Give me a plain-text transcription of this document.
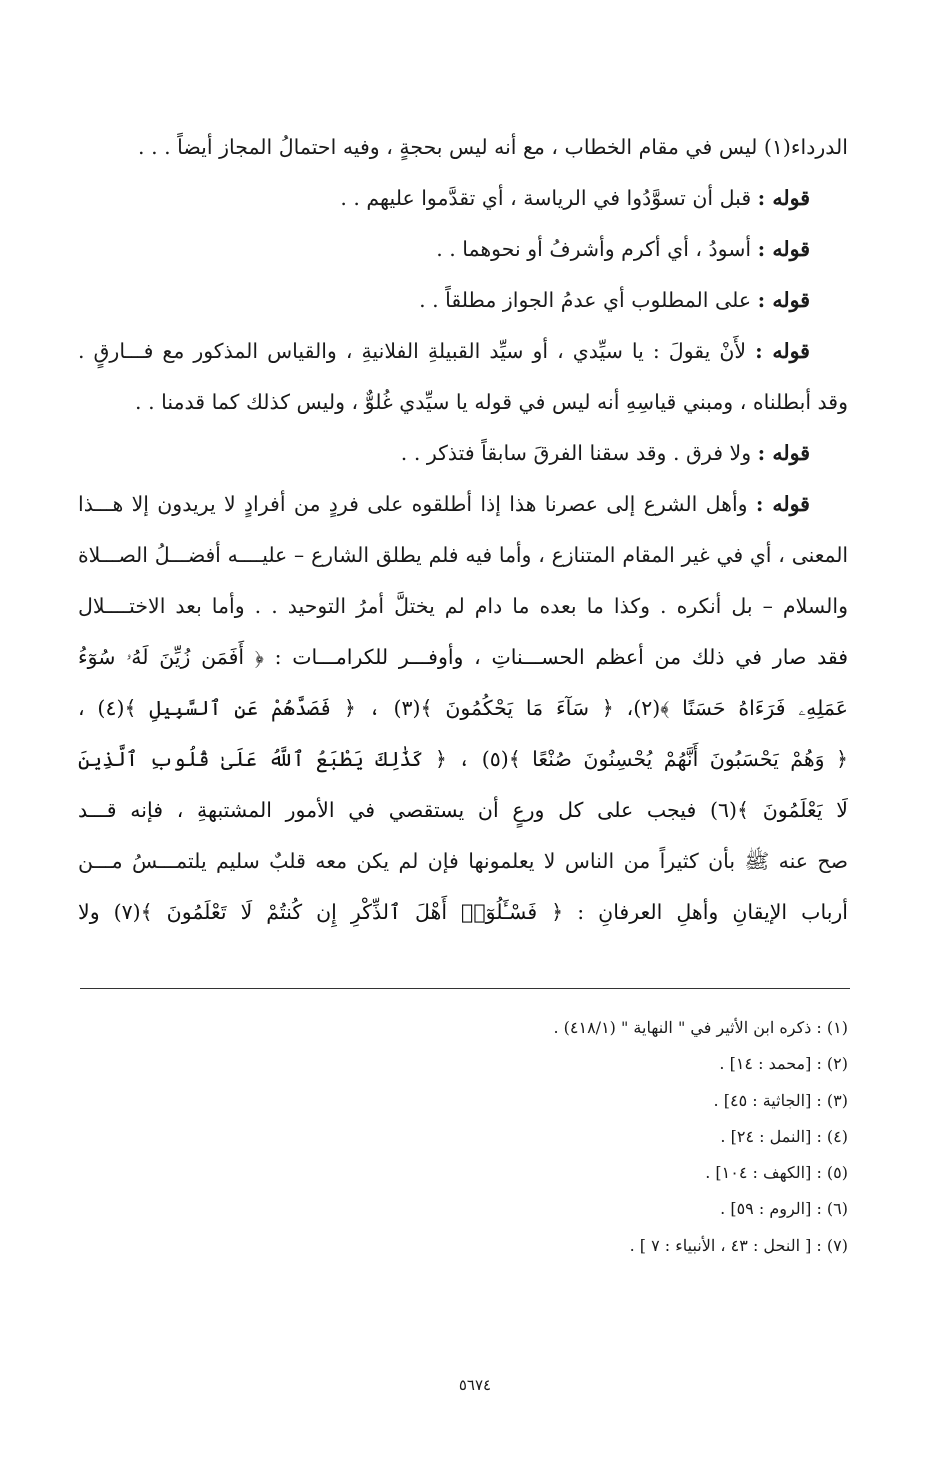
الدرداء(١) ليس في مقام الخطاب ، مع أنه ليس بحجةٍ ، وفيه احتمالُ المجاز أيضاً . . .
قوله : قبل أن تسوَّدُوا في الرياسة ، أي تقدَّموا عليهم . .
قوله : أسودُ ، أي أكرم وأشرفُ أو نحوهما . .
قوله : على المطلوب أي عدمُ الجواز مطلقاً . .
قوله : لأَنْ يقولَ : يا سيِّدي ، أو سيِّد القبيلةِ الفلانيةِ ، والقياس المذكور مع فـــارقٍ .
وقد أبطلناه ، ومبني قياسِهِ أنه ليس في قوله يا سيِّدي غُلوٌّ ، وليس كذلك كما قدمنا . .
قوله : ولا فرق . وقد سقنا الفرقَ سابقاً فتذكر . .
قوله : وأهل الشرع إلى عصرنا هذا إذا أطلقوه على فردٍ من أفرادٍ لا يريدون إلا هـــذا
المعنى ، أي في غير المقام المتنازع ، وأما فيه فلم يطلق الشارع – عليــــه أفضـــلُ الصـــلاة
والسلام – بل أنكره . وكذا ما بعده ما دام لم يختلَّ أمرُ التوحيد . . وأما بعد الاختــــلال
فقد صار في ذلك من أعظم الحســـناتِ ، وأوفـــر للكرامـــات : ﴿ أَفَمَن زُيِّنَ لَهُۥ سُوٓءُ
عَمَلِهِۦ فَرَءَاهُ حَسَنًا ﴾(٢)، ﴿ سَآءَ مَا يَحْكُمُونَ ﴾(٣) ، ﴿ فَصَدَّهُمْ عَنِ ٱلسَّبِيلِ ﴾(٤) ،
﴿ وَهُمْ يَحْسَبُونَ أَنَّهُمْ يُحْسِنُونَ صُنْعًا ﴾(٥) ، ﴿ كَذَٰلِكَ يَطْبَعُ ٱللَّهُ عَلَىٰ قُلُوبِ ٱلَّذِينَ
لَا يَعْلَمُونَ ﴾(٦) فيجب على كل ورعٍ أن يستقصي في الأمور المشتبهةِ ، فإنه قـــد
صح عنه ﷺ بأن كثيراً من الناس لا يعلمونها فإن لم يكن معه قلبٌ سليم يلتمـــسُ مـــن
أرباب الإيقانِ وأهلِ العرفانِ : ﴿ فَسْـَٔلُوٓا۟ أَهْلَ ٱلذِّكْرِ إِن كُنتُمْ لَا تَعْلَمُونَ ﴾(٧) ولا
(١) : ذكره ابن الأثير في " النهاية " (٤١٨/١) .
(٢) : [محمد : ١٤] .
(٣) : [الجاثية : ٤٥] .
(٤) : [النمل : ٢٤] .
(٥) : [الكهف : ١٠٤] .
(٦) : [الروم : ٥٩] .
(٧) : [ النحل : ٤٣ ، الأنبياء : ٧ ] .
٥٦٧٤
